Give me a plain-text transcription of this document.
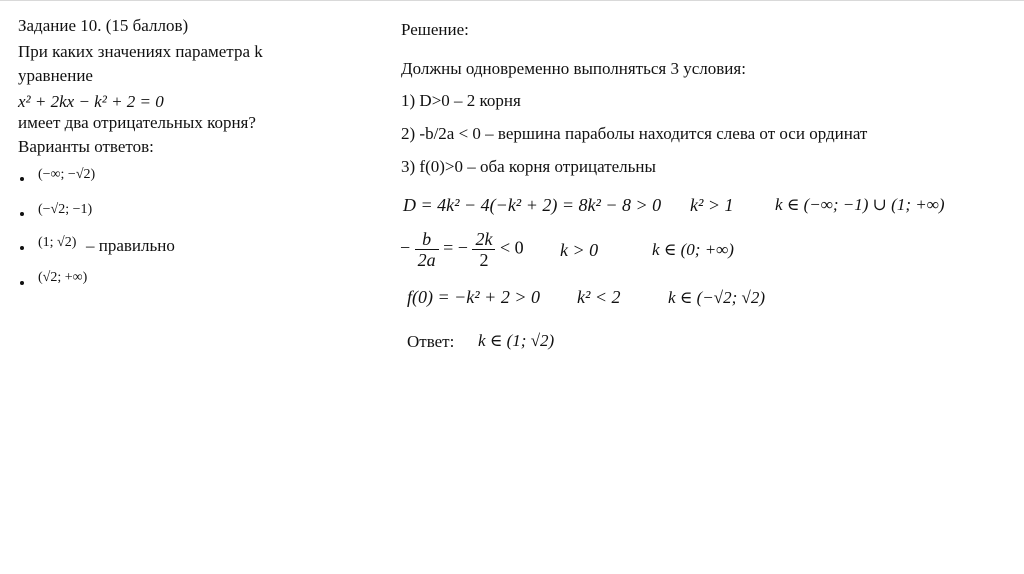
Задание 10. (15 баллов)
При каких значениях параметра k
уравнение
x² + 2kx − k² + 2 = 0
имеет два отрицательных корня?
Варианты ответов:
(−∞; −√2)
(−√2; −1)
(1; √2) – правильно
(√2; +∞)
Решение:
Должны одновременно выполняться 3 условия:
1) D>0 – 2 корня
2) -b/2a < 0 – вершина параболы находится слева от оси ординат
3) f(0)>0 – оба корня отрицательны
D = 4k² − 4(−k² + 2) = 8k² − 8 > 0 k² > 1 k ∈ (−∞; −1) ∪ (1; +∞)
− $\frac{b}{2a}$ = − $\frac{2k}{2} < 0$ k > 0	k ∈ (0; +∞)
f(0) = −k² + 2 > 0 k² < 2	k ∈ (−√2; √2)
Ответ: k ∈ (1; √2)
